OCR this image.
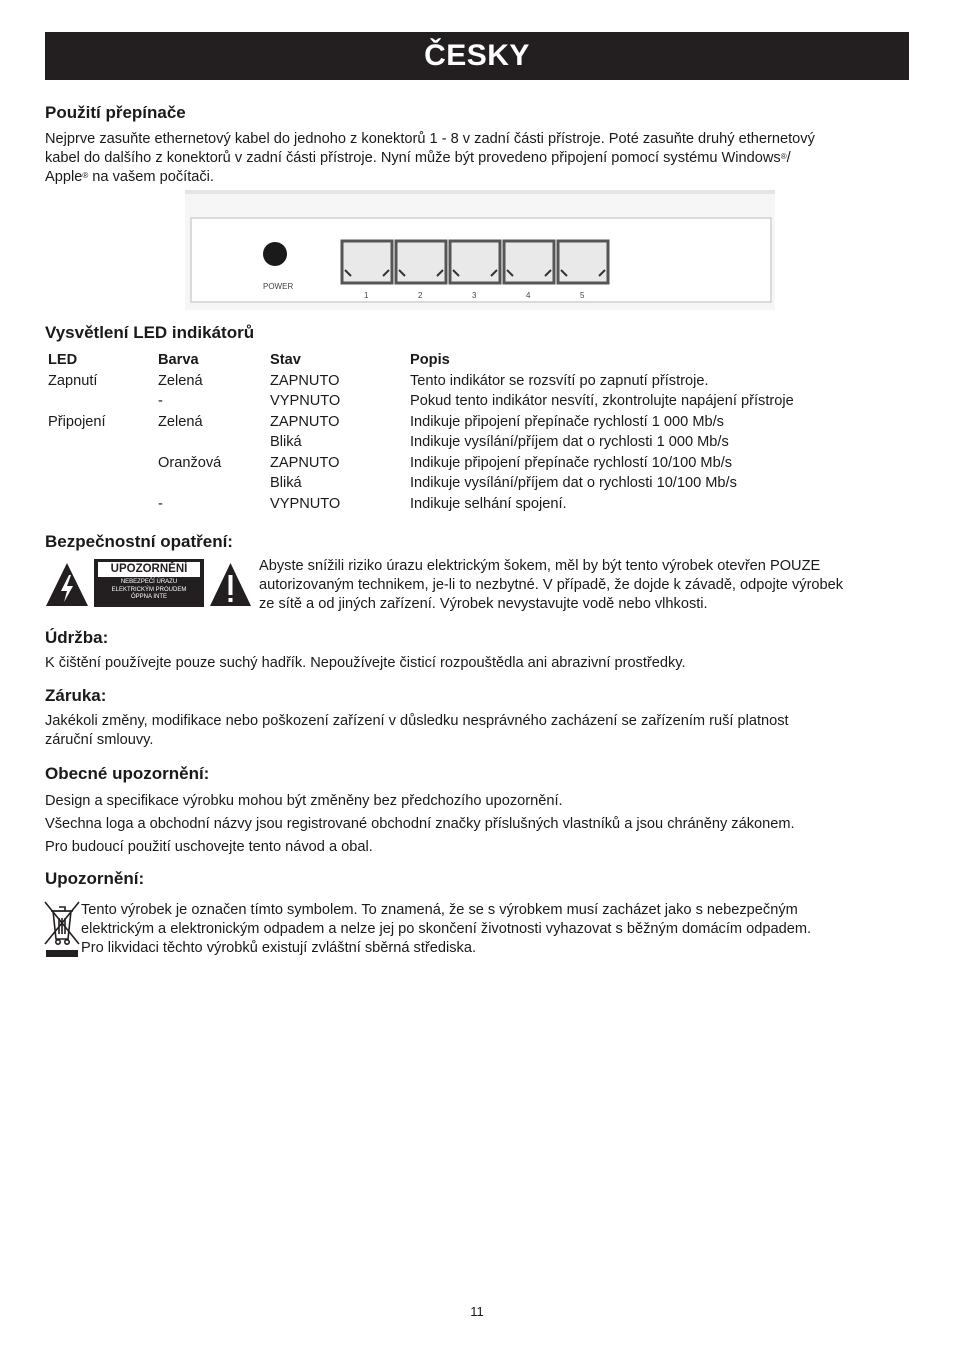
ČESKY
Použití přepínače
Nejprve zasuňte ethernetový kabel do jednoho z konektorů 1 - 8 v zadní části přístroje. Poté zasuňte druhý ethernetový
kabel do dalšího z konektorů v zadní části přístroje. Nyní může být provedeno připojení pomocí systému Windows®/
Apple® na vašem počítači.
POWER
1	2	3	4	5
Vysvětlení LED indikátorů
LED	Barva	Stav	Popis
Zapnutí	Zelená	ZAPNUTO	Tento indikátor se rozsvítí po zapnutí přístroje.
	-	VYPNUTO	Pokud tento indikátor nesvítí, zkontrolujte napájení přístroje
Připojení	Zelená	ZAPNUTO	Indikuje připojení přepínače rychlostí 1 000 Mb/s
		Bliká	Indikuje vysílání/příjem dat o rychlosti 1 000 Mb/s
	Oranžová	ZAPNUTO	Indikuje připojení přepínače rychlostí 10/100 Mb/s
		Bliká	Indikuje vysílání/příjem dat o rychlosti 10/100 Mb/s
	-	VYPNUTO	Indikuje selhání spojení.
Bezpečnostní opatření:
UPOZORNĚNÍ
NEBEZPEČÍ ÚRAZU
ELEKTRICKÝM PROUDEM
ÓPPNA INTE
Abyste snížili riziko úrazu elektrickým šokem, měl by být tento výrobek otevřen POUZE
autorizovaným technikem, je-li to nezbytné. V případě, že dojde k závadě, odpojte výrobek
ze sítě a od jiných zařízení. Výrobek nevystavujte vodě nebo vlhkosti.
Údržba:
K čištění používejte pouze suchý hadřík. Nepoužívejte čisticí rozpouštědla ani abrazivní prostředky.
Záruka:
Jakékoli změny, modifikace nebo poškození zařízení v důsledku nesprávného zacházení se zařízením ruší platnost
záruční smlouvy.
Obecné upozornění:
Design a specifikace výrobku mohou být změněny bez předchozího upozornění.
Všechna loga a obchodní názvy jsou registrované obchodní značky příslušných vlastníků a jsou chráněny zákonem.
Pro budoucí použití uschovejte tento návod a obal.
Upozornění:
Tento výrobek je označen tímto symbolem. To znamená, že se s výrobkem musí zacházet jako s nebezpečným
elektrickým a elektronickým odpadem a nelze jej po skončení životnosti vyhazovat s běžným domácím odpadem.
Pro likvidaci těchto výrobků existují zvláštní sběrná střediska.
11
